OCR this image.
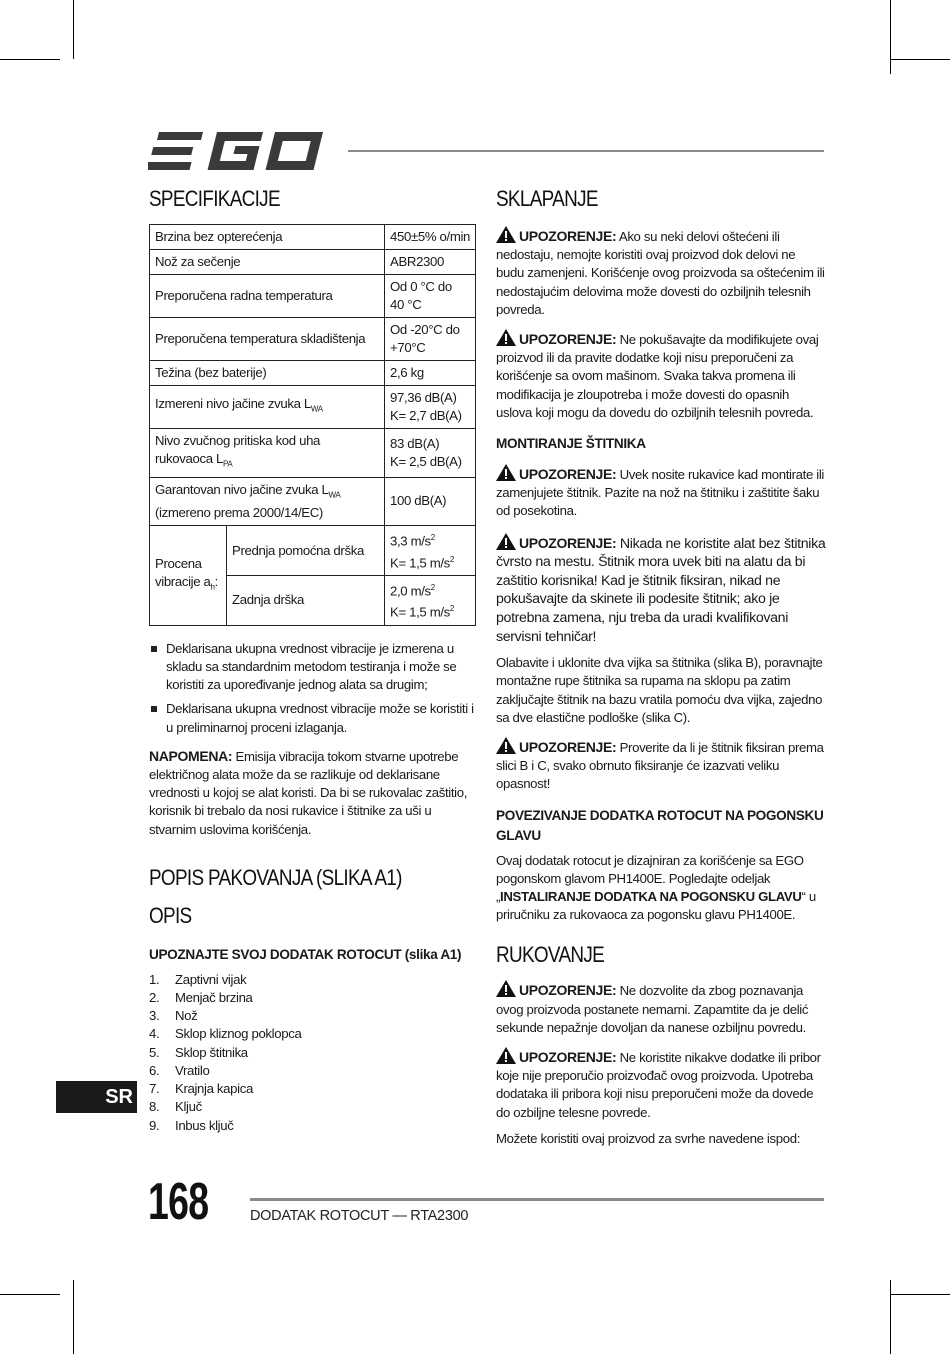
SPECIFIKACIJE
Brzina bez opterećenja		450±5% o/min
Nož za sečenje		ABR2300
Preporučena radna temperatura		Od 0 °C do
40 °C
Preporučena temperatura skladištenja		Od -20°C do
+70°C
Težina (bez baterije)		2,6 kg
Izmereni nivo jačine zvuka $L_{WA}$		97,36 dB(A)
K= 2,7 dB(A)
Nivo zvučnog pritiska kod uha
rukovaoca $L_{PA}$		83 dB(A)
K= 2,5 dB(A)
Garantovan nivo jačine zvuka $L_{WA}$
(izmereno prema 2000/14/EC)		100 dB(A)
Procena
vibracije $a_h$:	Prednja pomoćna drška	3,3 $m/s^2$
K= 1,5 $m/s^2$
	Zadnja drška	2,0 $m/s^2$
K= 1,5 $m/s^2$
Deklarisana ukupna vrednost vibracije je izmerena u skladu sa standardnim metodom testiranja i može se koristiti za upoređivanje jednog alata sa drugim;
Deklarisana ukupna vrednost vibracije može se koristiti i u preliminarnoj proceni izlaganja.

NAPOMENA: Emisija vibracija tokom stvarne upotrebe električnog alata može da se razlikuje od deklarisane vrednosti u kojoj se alat koristi. Da bi se rukovalac zaštitio, korisnik bi trebalo da nosi rukavice i štitnike za uši u stvarnim uslovima korišćenja.

POPIS PAKOVANJA (SLIKA A1)
OPIS

UPOZNAJTE SVOJ DODATAK ROTOCUT (slika A1)

1.	Zaptivni vijak
2.	Menjač brzina
3.	Nož
4.	Sklop kliznog poklopca
5.	Sklop štitnika
6.	Vratilo
7.	Krajnja kapica
8.	Ključ
9.	Inbus ključ
SKLAPANJE

UPOZORENJE: Ako su neki delovi oštećeni ili nedostaju, nemojte koristiti ovaj proizvod dok delovi ne budu zamenjeni. Korišćenje ovog proizvoda sa oštećenim ili nedostajućim delovima može dovesti do ozbiljnih telesnih povreda.

UPOZORENJE: Ne pokušavajte da modifikujete ovaj proizvod ili da pravite dodatke koji nisu preporučeni za korišćenje sa ovom mašinom. Svaka takva promena ili modifikacija je zloupotreba i može dovesti do opasnih uslova koji mogu da dovedu do ozbiljnih telesnih povreda.

MONTIRANJE ŠTITNIKA

UPOZORENJE: Uvek nosite rukavice kad montirate ili zamenjujete štitnik. Pazite na nož na štitniku i zaštitite šaku od posekotina.

UPOZORENJE: Nikada ne koristite alat bez štitnika čvrsto na mestu. Štitnik mora uvek biti na alatu da bi zaštitio korisnika! Kad je štitnik fiksiran, nikad ne pokušavajte da skinete ili podesite štitnik; ako je potrebna zamena, nju treba da uradi kvalifikovani servisni tehničar!

Olabavite i uklonite dva vijka sa štitnika (slika B), poravnajte montažne rupe štitnika sa rupama na sklopu pa zatim zaključajte štitnik na bazu vratila pomoću dva vijka, zajedno sa dve elastične podloške (slika C).

UPOZORENJE: Proverite da li je štitnik fiksiran prema slici B i C, svako obrnuto fiksiranje će izazvati veliku opasnost!

POVEZIVANJE DODATKA ROTOCUT NA POGONSKU GLAVU

Ovaj dodatak rotocut je dizajniran za korišćenje sa EGO pogonskom glavom PH1400E. Pogledajte odeljak „INSTALIRANJE DODATKA NA POGONSKU GLAVU“ u priručniku za rukovaoca za pogonsku glavu PH1400E.

RUKOVANJE

UPOZORENJE: Ne dozvolite da zbog poznavanja ovog proizvoda postanete nemarni. Zapamtite da je delić sekunde nepažnje dovoljan da nanese ozbiljnu povredu.

UPOZORENJE: Ne koristite nikakve dodatke ili pribor koje nije preporučio proizvođač ovog proizvoda. Upotreba dodataka ili pribora koji nisu preporučeni može da dovede do ozbiljne telesne povrede.

Možete koristiti ovaj proizvod za svrhe navedene ispod:

SR
168	DODATAK ROTOCUT — RTA2300
